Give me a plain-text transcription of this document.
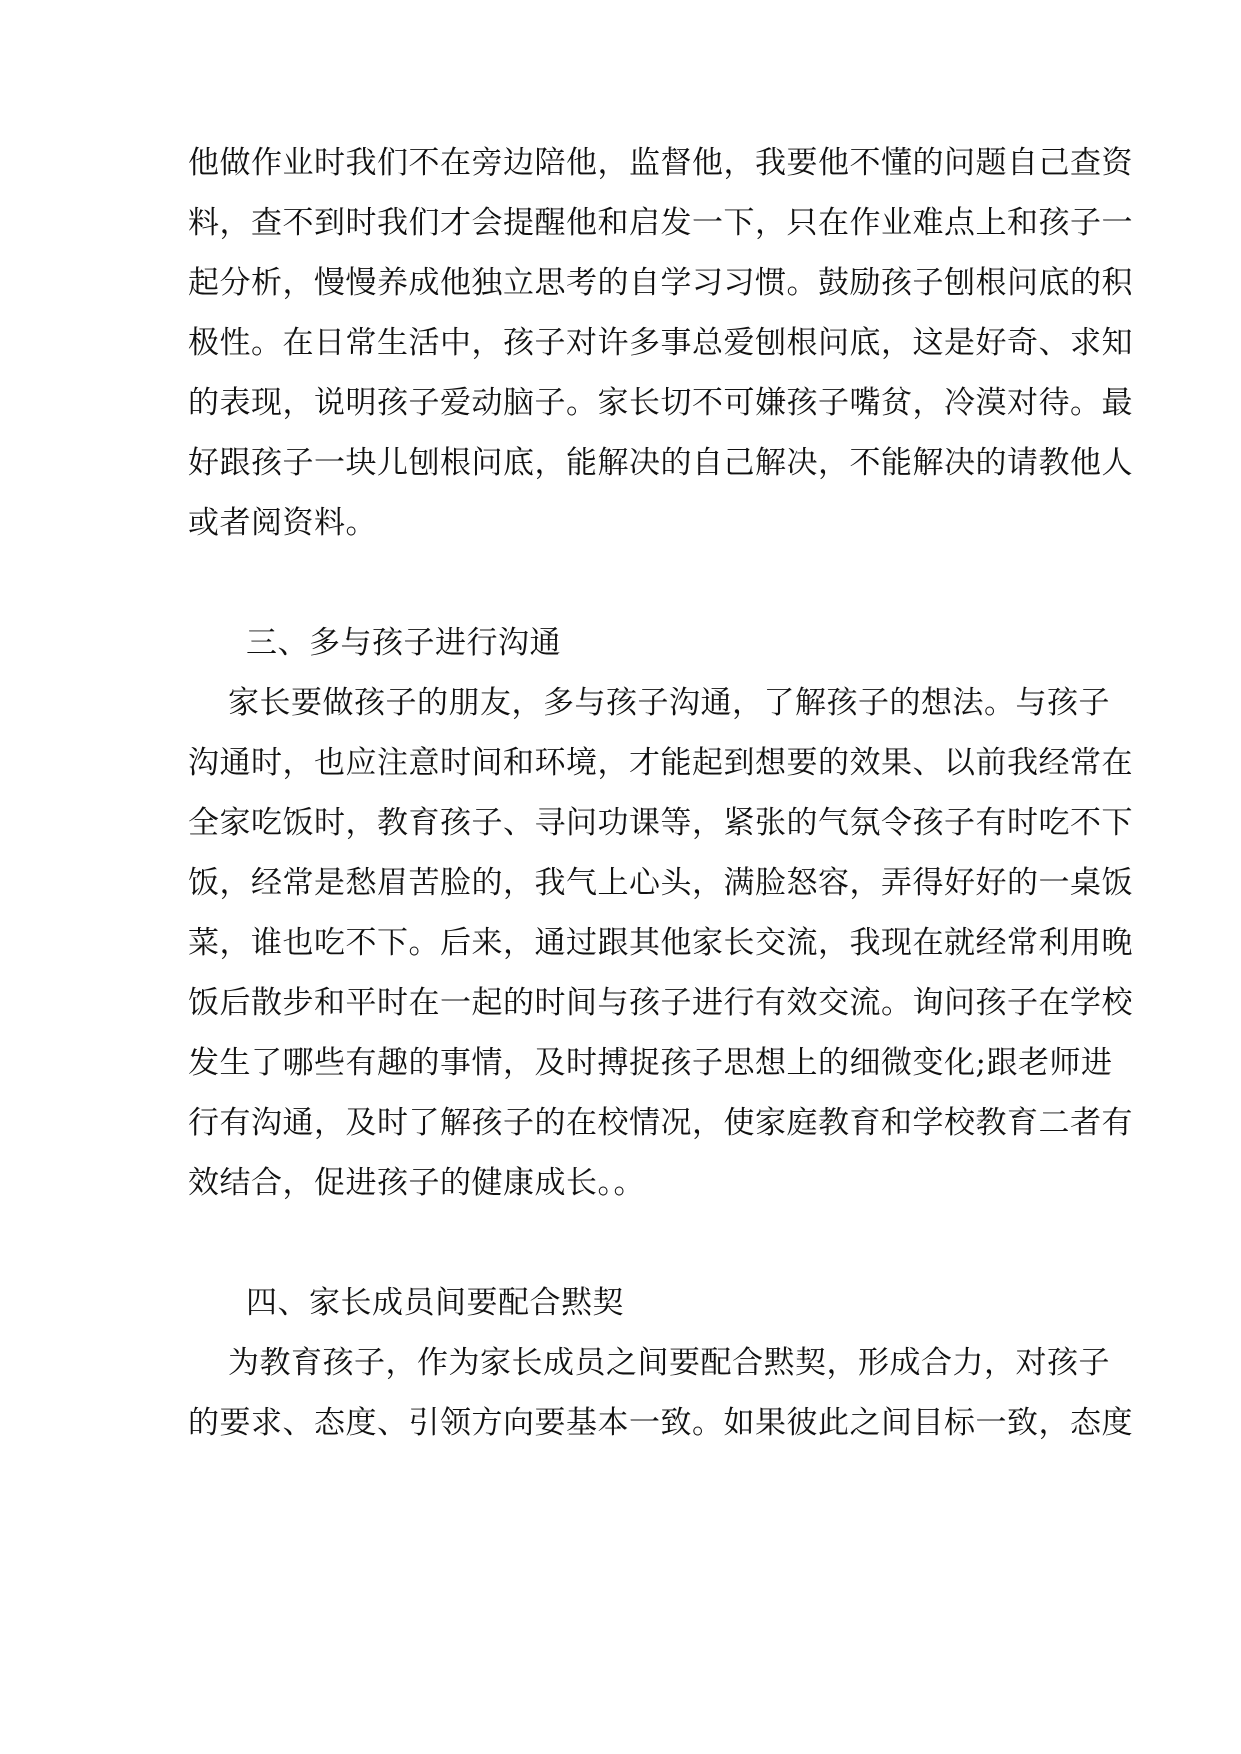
他做作业时我们不在旁边陪他，监督他，我要他不懂的问题自己查资
料，查不到时我们才会提醒他和启发一下，只在作业难点上和孩子一
起分析，慢慢养成他独立思考的自学习习惯。鼓励孩子刨根问底的积
极性。在日常生活中，孩子对许多事总爱刨根问底，这是好奇、求知
的表现，说明孩子爱动脑子。家长切不可嫌孩子嘴贫，冷漠对待。最
好跟孩子一块儿刨根问底，能解决的自己解决，不能解决的请教他人
或者阅资料。
三、多与孩子进行沟通
家长要做孩子的朋友，多与孩子沟通，了解孩子的想法。与孩子
沟通时，也应注意时间和环境，才能起到想要的效果、以前我经常在
全家吃饭时，教育孩子、寻问功课等，紧张的气氛令孩子有时吃不下
饭，经常是愁眉苦脸的，我气上心头，满脸怒容，弄得好好的一桌饭
菜，谁也吃不下。后来，通过跟其他家长交流，我现在就经常利用晚
饭后散步和平时在一起的时间与孩子进行有效交流。询问孩子在学校
发生了哪些有趣的事情，及时搏捉孩子思想上的细微变化;跟老师进
行有沟通，及时了解孩子的在校情况，使家庭教育和学校教育二者有
效结合，促进孩子的健康成长。。
四、家长成员间要配合黙契
为教育孩子，作为家长成员之间要配合黙契，形成合力，对孩子
的要求、态度、引领方向要基本一致。如果彼此之间目标一致，态度
